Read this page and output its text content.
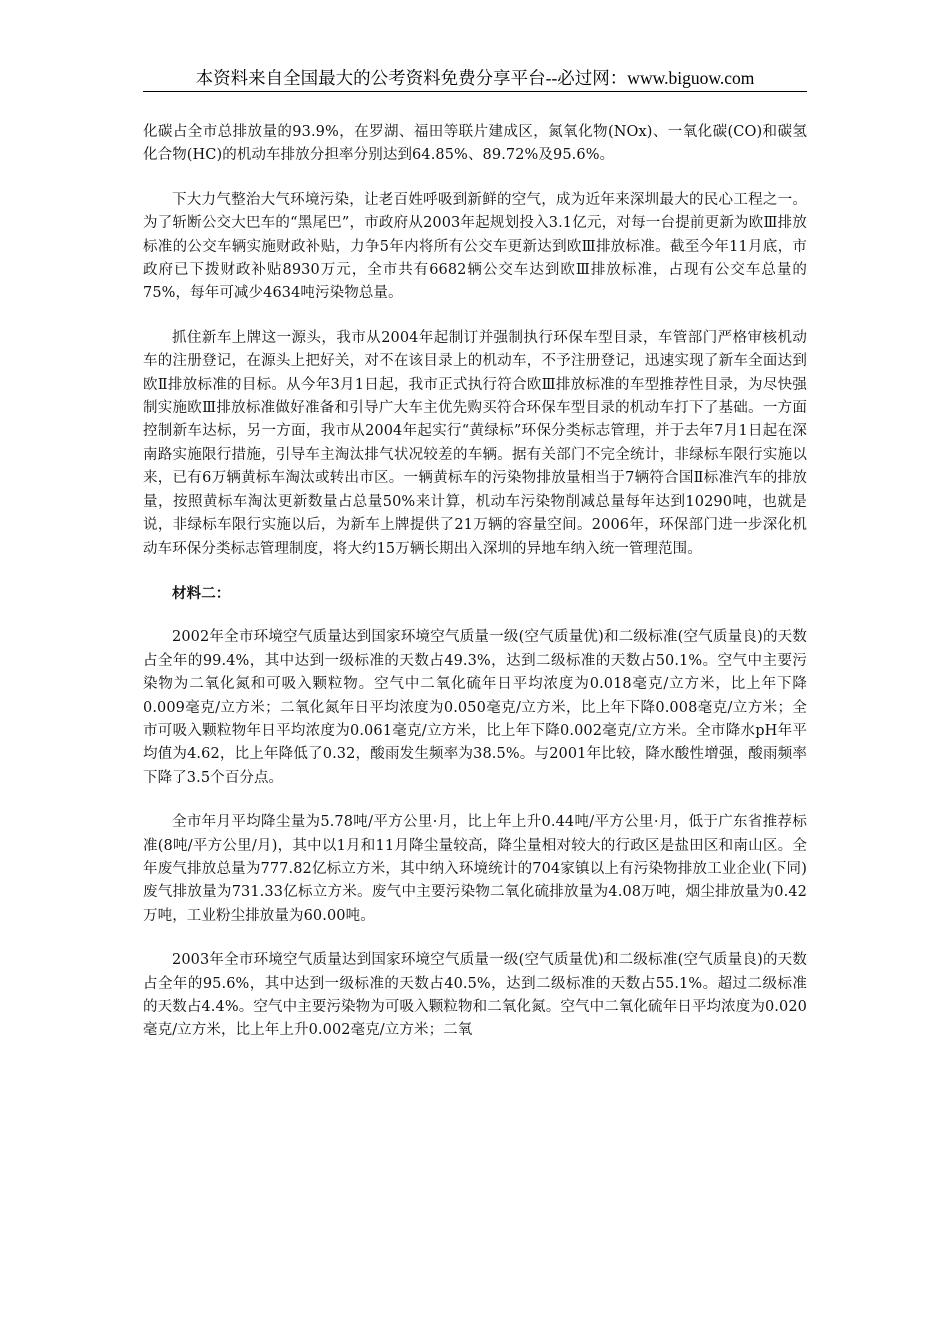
本资料来自全国最大的公考资料免费分享平台--必过网：www.biguow.com

化碳占全市总排放量的93.9%，在罗湖、福田等联片建成区，氮氧化物(NOx)、一氧化碳(CO)和碳氢化合物(HC)的机动车排放分担率分别达到64.85%、89.72%及95.6%。

下大力气整治大气环境污染，让老百姓呼吸到新鲜的空气，成为近年来深圳最大的民心工程之一。为了斩断公交大巴车的“黑尾巴”，市政府从2003年起规划投入3.1亿元，对每一台提前更新为欧Ⅲ排放标准的公交车辆实施财政补贴，力争5年内将所有公交车更新达到欧Ⅲ排放标准。截至今年11月底，市政府已下拨财政补贴8930万元，全市共有6682辆公交车达到欧Ⅲ排放标准，占现有公交车总量的75%，每年可减少4634吨污染物总量。

抓住新车上牌这一源头，我市从2004年起制订并强制执行环保车型目录，车管部门严格审核机动车的注册登记，在源头上把好关，对不在该目录上的机动车，不予注册登记，迅速实现了新车全面达到欧Ⅱ排放标准的目标。从今年3月1日起，我市正式执行符合欧Ⅲ排放标准的车型推荐性目录，为尽快强制实施欧Ⅲ排放标准做好准备和引导广大车主优先购买符合环保车型目录的机动车打下了基础。一方面控制新车达标，另一方面，我市从2004年起实行“黄绿标”环保分类标志管理，并于去年7月1日起在深南路实施限行措施，引导车主淘汰排气状况较差的车辆。据有关部门不完全统计，非绿标车限行实施以来，已有6万辆黄标车淘汰或转出市区。一辆黄标车的污染物排放量相当于7辆符合国Ⅱ标准汽车的排放量，按照黄标车淘汰更新数量占总量50%来计算，机动车污染物削减总量每年达到10290吨，也就是说，非绿标车限行实施以后，为新车上牌提供了21万辆的容量空间。2006年，环保部门进一步深化机动车环保分类标志管理制度，将大约15万辆长期出入深圳的异地车纳入统一管理范围。

材料二：

2002年全市环境空气质量达到国家环境空气质量一级(空气质量优)和二级标准(空气质量良)的天数占全年的99.4%，其中达到一级标准的天数占49.3%，达到二级标准的天数占50.1%。空气中主要污染物为二氧化氮和可吸入颗粒物。空气中二氧化硫年日平均浓度为0.018毫克/立方米，比上年下降0.009毫克/立方米；二氧化氮年日平均浓度为0.050毫克/立方米，比上年下降0.008毫克/立方米；全市可吸入颗粒物年日平均浓度为0.061毫克/立方米，比上年下降0.002毫克/立方米。全市降水pH年平均值为4.62，比上年降低了0.32，酸雨发生频率为38.5%。与2001年比较，降水酸性增强，酸雨频率下降了3.5个百分点。

全市年月平均降尘量为5.78吨/平方公里·月，比上年上升0.44吨/平方公里·月，低于广东省推荐标准(8吨/平方公里/月)，其中以1月和11月降尘量较高，降尘量相对较大的行政区是盐田区和南山区。全年废气排放总量为777.82亿标立方米，其中纳入环境统计的704家镇以上有污染物排放工业企业(下同)废气排放量为731.33亿标立方米。废气中主要污染物二氧化硫排放量为4.08万吨，烟尘排放量为0.42万吨，工业粉尘排放量为60.00吨。

2003年全市环境空气质量达到国家环境空气质量一级(空气质量优)和二级标准(空气质量良)的天数占全年的95.6%，其中达到一级标准的天数占40.5%，达到二级标准的天数占55.1%。超过二级标准的天数占4.4%。空气中主要污染物为可吸入颗粒物和二氧化氮。空气中二氧化硫年日平均浓度为0.020毫克/立方米，比上年上升0.002毫克/立方米；二氧
